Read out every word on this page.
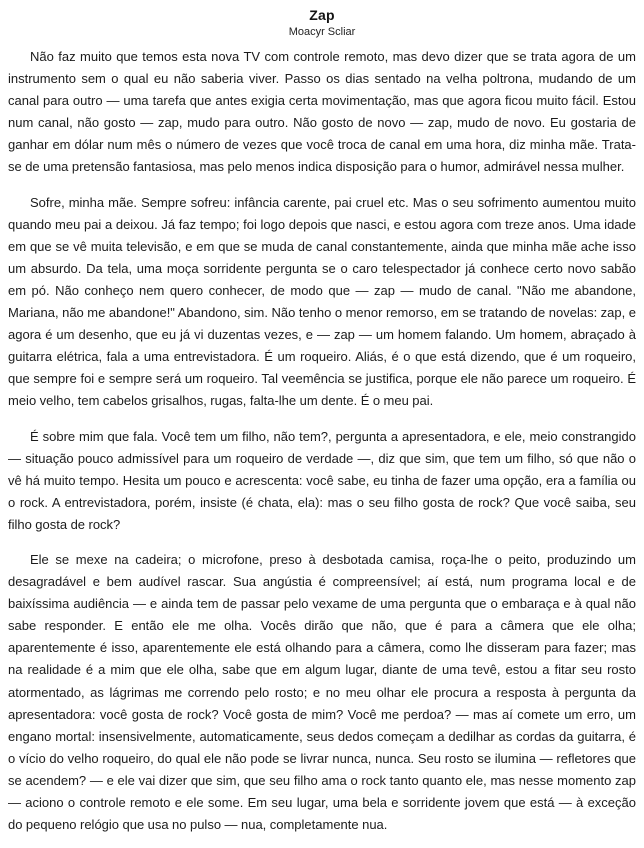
Zap

Moacyr Scliar

Não faz muito que temos esta nova TV com controle remoto, mas devo dizer que se trata agora de um instrumento sem o qual eu não saberia viver. Passo os dias sentado na velha poltrona, mudando de um canal para outro — uma tarefa que antes exigia certa movimentação, mas que agora ficou muito fácil. Estou num canal, não gosto — zap, mudo para outro. Não gosto de novo — zap, mudo de novo. Eu gostaria de ganhar em dólar num mês o número de vezes que você troca de canal em uma hora, diz minha mãe. Trata-se de uma pretensão fantasiosa, mas pelo menos indica disposição para o humor, admirável nessa mulher.

Sofre, minha mãe. Sempre sofreu: infância carente, pai cruel etc. Mas o seu sofrimento aumentou muito quando meu pai a deixou. Já faz tempo; foi logo depois que nasci, e estou agora com treze anos. Uma idade em que se vê muita televisão, e em que se muda de canal constantemente, ainda que minha mãe ache isso um absurdo. Da tela, uma moça sorridente pergunta se o caro telespectador já conhece certo novo sabão em pó. Não conheço nem quero conhecer, de modo que — zap — mudo de canal. "Não me abandone, Mariana, não me abandone!" Abandono, sim. Não tenho o menor remorso, em se tratando de novelas: zap, e agora é um desenho, que eu já vi duzentas vezes, e — zap — um homem falando. Um homem, abraçado à guitarra elétrica, fala a uma entrevistadora. É um roqueiro. Aliás, é o que está dizendo, que é um roqueiro, que sempre foi e sempre será um roqueiro. Tal veemência se justifica, porque ele não parece um roqueiro. É meio velho, tem cabelos grisalhos, rugas, falta-lhe um dente. É o meu pai.

É sobre mim que fala. Você tem um filho, não tem?, pergunta a apresentadora, e ele, meio constrangido — situação pouco admissível para um roqueiro de verdade —, diz que sim, que tem um filho, só que não o vê há muito tempo. Hesita um pouco e acrescenta: você sabe, eu tinha de fazer uma opção, era a família ou o rock. A entrevistadora, porém, insiste (é chata, ela): mas o seu filho gosta de rock? Que você saiba, seu filho gosta de rock?

Ele se mexe na cadeira; o microfone, preso à desbotada camisa, roça-lhe o peito, produzindo um desagradável e bem audível rascar. Sua angústia é compreensível; aí está, num programa local e de baixíssima audiência — e ainda tem de passar pelo vexame de uma pergunta que o embaraça e à qual não sabe responder. E então ele me olha. Vocês dirão que não, que é para a câmera que ele olha; aparentemente é isso, aparentemente ele está olhando para a câmera, como lhe disseram para fazer; mas na realidade é a mim que ele olha, sabe que em algum lugar, diante de uma tevê, estou a fitar seu rosto atormentado, as lágrimas me correndo pelo rosto; e no meu olhar ele procura a resposta à pergunta da apresentadora: você gosta de rock? Você gosta de mim? Você me perdoa? — mas aí comete um erro, um engano mortal: insensivelmente, automaticamente, seus dedos começam a dedilhar as cordas da guitarra, é o vício do velho roqueiro, do qual ele não pode se livrar nunca, nunca. Seu rosto se ilumina — refletores que se acendem? — e ele vai dizer que sim, que seu filho ama o rock tanto quanto ele, mas nesse momento zap — aciono o controle remoto e ele some. Em seu lugar, uma bela e sorridente jovem que está — à exceção do pequeno relógio que usa no pulso — nua, completamente nua.
